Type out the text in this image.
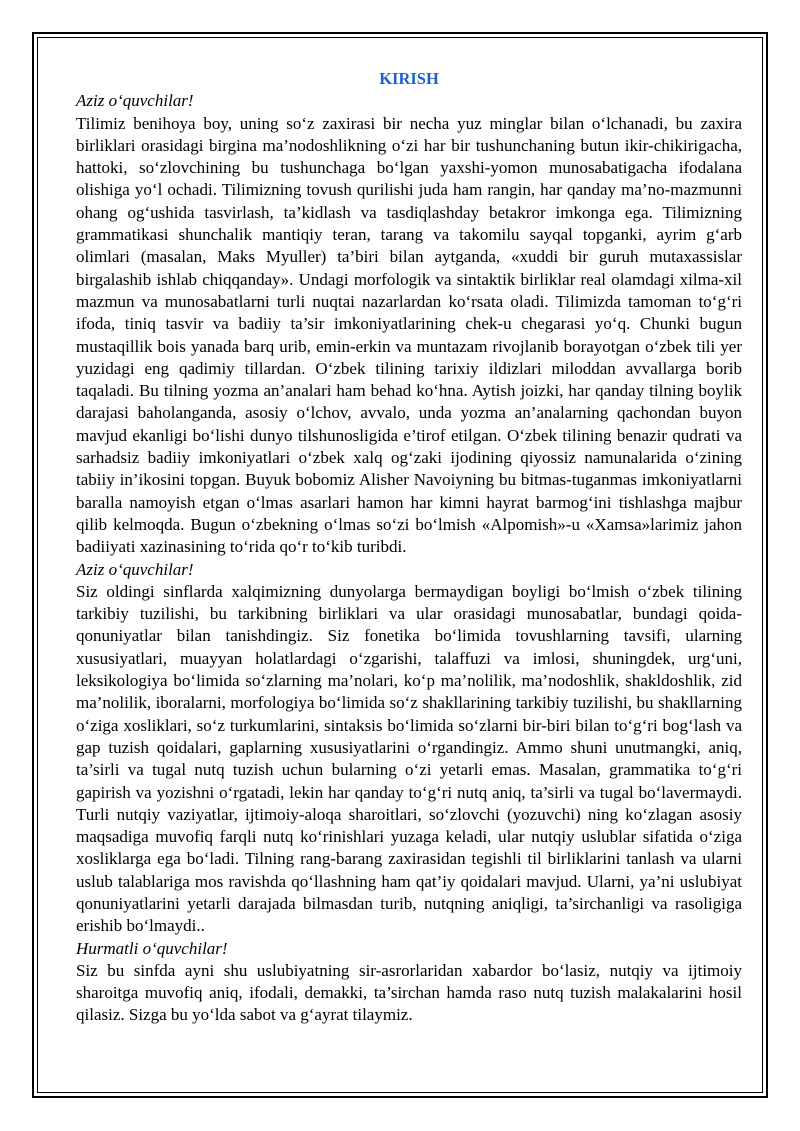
KIRISH

Aziz o‘quvchilar!

Tilimiz benihoya boy, uning so‘z zaxirasi bir necha yuz minglar bilan o‘lchanadi, bu zaxira birliklari orasidagi birgina ma’nodoshlikning o‘zi har bir tushunchaning butun ikir-chikirigacha, hattoki, so‘zlovchining bu tushunchaga bo‘lgan yaxshi-yomon munosabatigacha ifodalana olishiga yo‘l ochadi. Tilimizning tovush qurilishi juda ham rangin, har qanday ma’no-mazmunni ohang og‘ushida tasvirlash, ta’kidlash va tasdiqlashday betakror imkonga ega. Tilimizning grammatikasi shunchalik mantiqiy teran, tarang va takomilu sayqal topganki, ayrim g‘arb olimlari (masalan, Maks Myuller) ta’biri bilan aytganda, «xuddi bir guruh mutaxassislar birgalashib ishlab chiqqanday». Undagi morfologik va sintaktik birliklar real olamdagi xilma-xil mazmun va munosabatlarni turli nuqtai nazarlardan ko‘rsata oladi. Tilimizda tamoman to‘g‘ri ifoda, tiniq tasvir va badiiy ta’sir imkoniyatlarining chek-u chegarasi yo‘q. Chunki bugun mustaqillik bois yanada barq urib, emin-erkin va muntazam rivojlanib borayotgan o‘zbek tili yer yuzidagi eng qadimiy tillardan. O‘zbek tilining tarixiy ildizlari miloddan avvallarga borib taqaladi. Bu tilning yozma an’analari ham behad ko‘hna. Aytish joizki, har qanday tilning boylik darajasi baholanganda, asosiy o‘lchov, avvalo, unda yozma an’analarning qachondan buyon mavjud ekanligi bo‘lishi dunyo tilshunosligida e’tirof etilgan. O‘zbek tilining benazir qudrati va sarhadsiz badiiy imkoniyatlari o‘zbek xalq og‘zaki ijodining qiyossiz namunalarida o‘zining tabiiy in’ikosini topgan. Buyuk bobomiz Alisher Navoiyning bu bitmas-tuganmas imkoniyatlarni baralla namoyish etgan o‘lmas asarlari hamon har kimni hayrat barmog‘ini tishlashga majbur qilib kelmoqda. Bugun o‘zbekning o‘lmas so‘zi bo‘lmish «Alpomish»-u «Xamsa»larimiz jahon badiiyati xazinasining to‘rida qo‘r to‘kib turibdi.

Aziz o‘quvchilar!

Siz oldingi sinflarda xalqimizning dunyolarga bermaydigan boyligi bo‘lmish o‘zbek tilining tarkibiy tuzilishi, bu tarkibning birliklari va ular orasidagi munosabatlar, bundagi qoida-qonuniyatlar bilan tanishdingiz. Siz fonetika bo‘limida tovushlarning tavsifi, ularning xususiyatlari, muayyan holatlardagi o‘zgarishi, talaffuzi va imlosi, shuningdek, urg‘uni, leksikologiya bo‘limida so‘zlarning ma’nolari, ko‘p ma’nolilik, ma’nodoshlik, shakldoshlik, zid ma’nolilik, iboralarni, morfologiya bo‘limida so‘z shakllarining tarkibiy tuzilishi, bu shakllarning o‘ziga xosliklari, so‘z turkumlarini, sintaksis bo‘limida so‘zlarni bir-biri bilan to‘g‘ri bog‘lash va gap tuzish qoidalari, gaplarning xususiyatlarini o‘rgandingiz. Ammo shuni unutmangki, aniq, ta’sirli va tugal nutq tuzish uchun bularning o‘zi yetarli emas. Masalan, grammatika to‘g‘ri gapirish va yozishni o‘rgatadi, lekin har qanday to‘g‘ri nutq aniq, ta’sirli va tugal bo‘lavermaydi. Turli nutqiy vaziyatlar, ijtimoiy-aloqa sharoitlari, so‘zlovchi (yozuvchi) ning ko‘zlagan asosiy maqsadiga muvofiq farqli nutq ko‘rinishlari yuzaga keladi, ular nutqiy uslublar sifatida o‘ziga xosliklarga ega bo‘ladi. Tilning rang-barang zaxirasidan tegishli til birliklarini tanlash va ularni uslub talablariga mos ravishda qo‘llashning ham qat’iy qoidalari mavjud. Ularni, ya’ni uslubiyat qonuniyatlarini yetarli darajada bilmasdan turib, nutqning aniqligi, ta’sirchanligi va rasoligiga erishib bo‘lmaydi..

Hurmatli o‘quvchilar!

Siz bu sinfda ayni shu uslubiyatning sir-asrorlaridan xabardor bo‘lasiz, nutqiy va ijtimoiy sharoitga muvofiq aniq, ifodali, demakki, ta’sirchan hamda raso nutq tuzish malakalarini hosil qilasiz. Sizga bu yo‘lda sabot va g‘ayrat tilaymiz.
